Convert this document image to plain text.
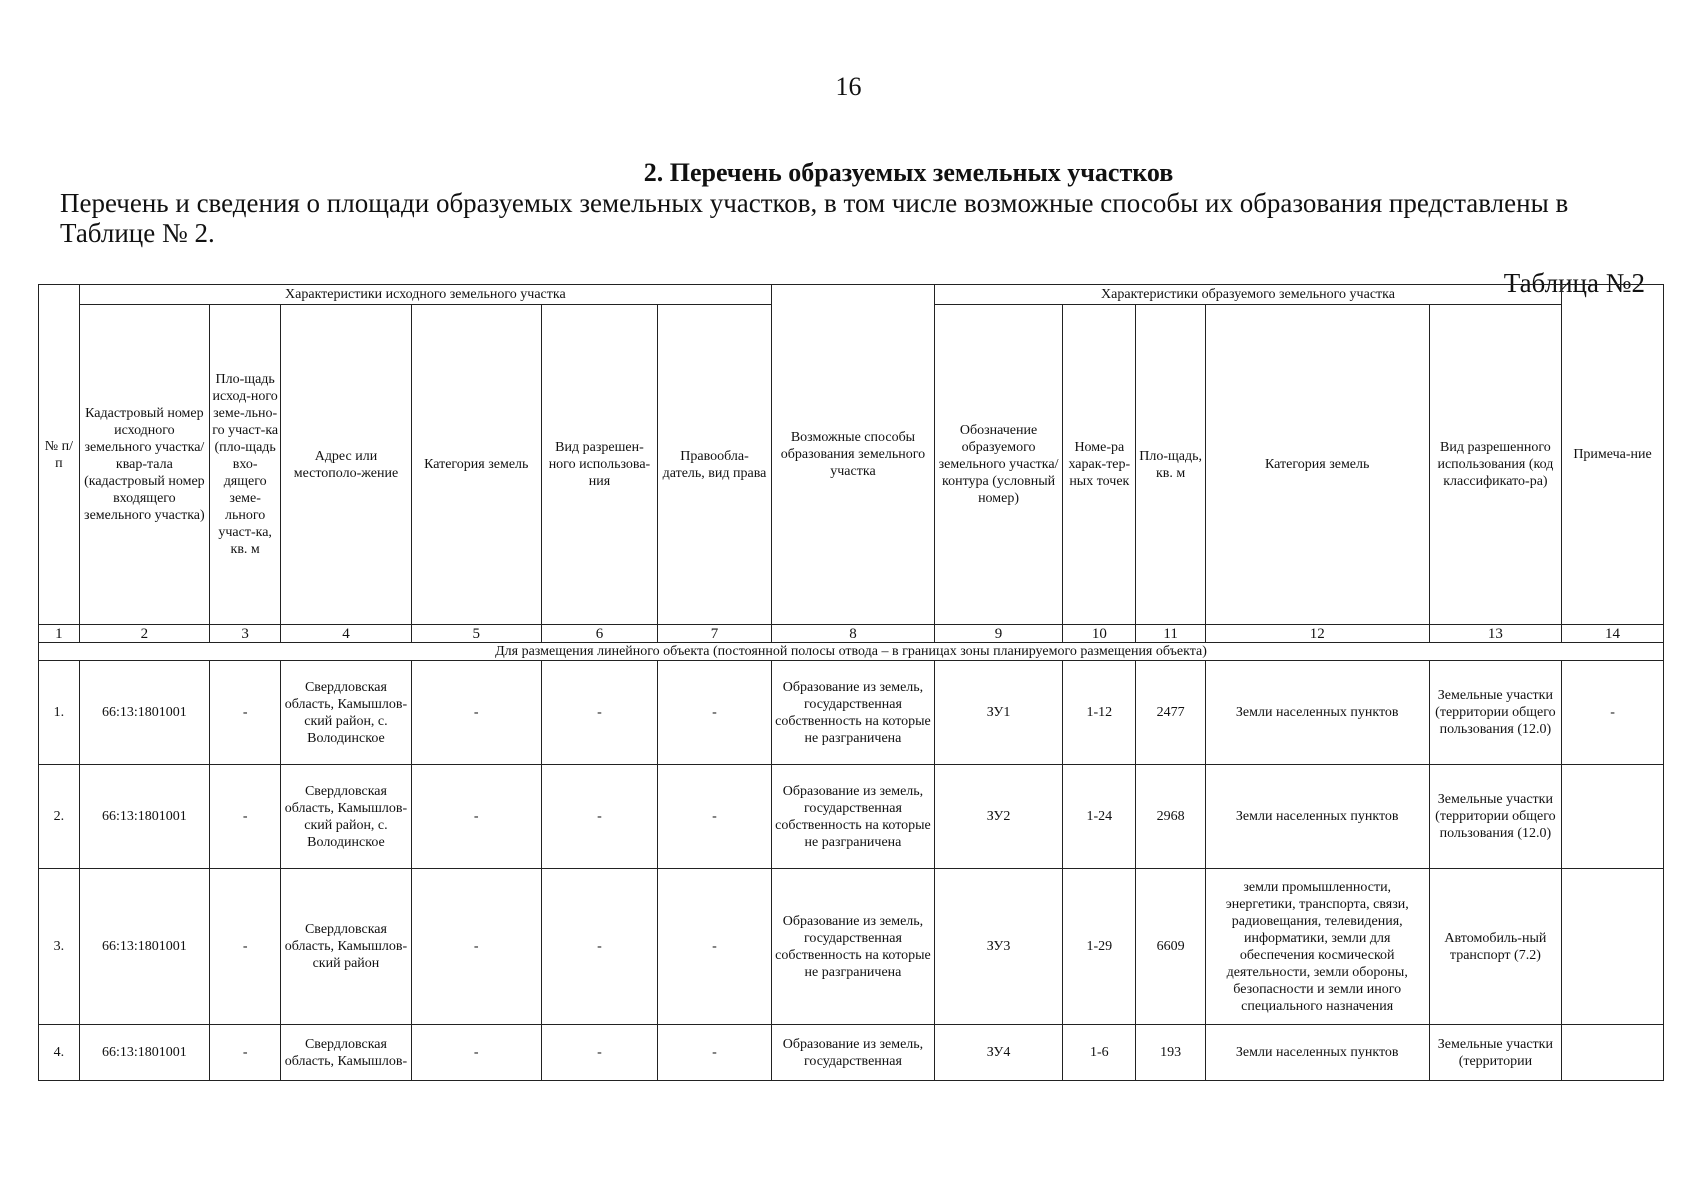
16
2. Перечень образуемых земельных участков
Перечень и сведения о площади образуемых земельных участков, в том числе возможные способы их образования представлены в Таблице № 2.
Таблица №2
№ п/ п	Характеристики исходного земельного участка						Возможные способы образования земельного участка	Характеристики образуемого земельного участка					Примеча-ние
	Кадастровый номер исходного земельного участка/квар-тала (кадастровый номер входящего земельного участка)	Пло-щадь исход-ного земе-льно-го участ-ка (пло-щадь вхо-дящего земе-льного участ-ка, кв. м	Адрес или местополо-жение	Категория земель	Вид разрешен-ного использова-ния	Правообла-датель, вид права		Обозначение образуемого земельного участка/ контура (условный номер)	Номе-ра харак-тер-ных точек	Пло-щадь, кв. м	Категория земель	Вид разрешенного использования (код классификато-ра)	
1	2	3	4	5	6	7	8	9	10	11	12	13	14
Для размещения линейного объекта (постоянной полосы отвода – в границах зоны планируемого размещения объекта)													
1.	66:13:1801001	-	Свердловская область, Камышлов-ский район, с. Володинское	-	-	-	Образование из земель, государственная собственность на которые не разграничена	ЗУ1	1-12	2477	Земли населенных пунктов	Земельные участки (территории общего пользования (12.0)	-
2.	66:13:1801001	-	Свердловская область, Камышлов-ский район, с. Володинское	-	-	-	Образование из земель, государственная собственность на которые не разграничена	ЗУ2	1-24	2968	Земли населенных пунктов	Земельные участки (территории общего пользования (12.0)	
3.	66:13:1801001	-	Свердловская область, Камышлов-ский район	-	-	-	Образование из земель, государственная собственность на которые не разграничена	ЗУ3	1-29	6609	земли промышленности, энергетики, транспорта, связи, радиовещания, телевидения, информатики, земли для обеспечения космической деятельности, земли обороны, безопасности и земли иного специального назначения	Автомобиль-ный транспорт (7.2)	
4.	66:13:1801001	-	Свердловская область, Камышлов-	-	-	-	Образование из земель, государственная	ЗУ4	1-6	193	Земли населенных пунктов	Земельные участки (территории	
